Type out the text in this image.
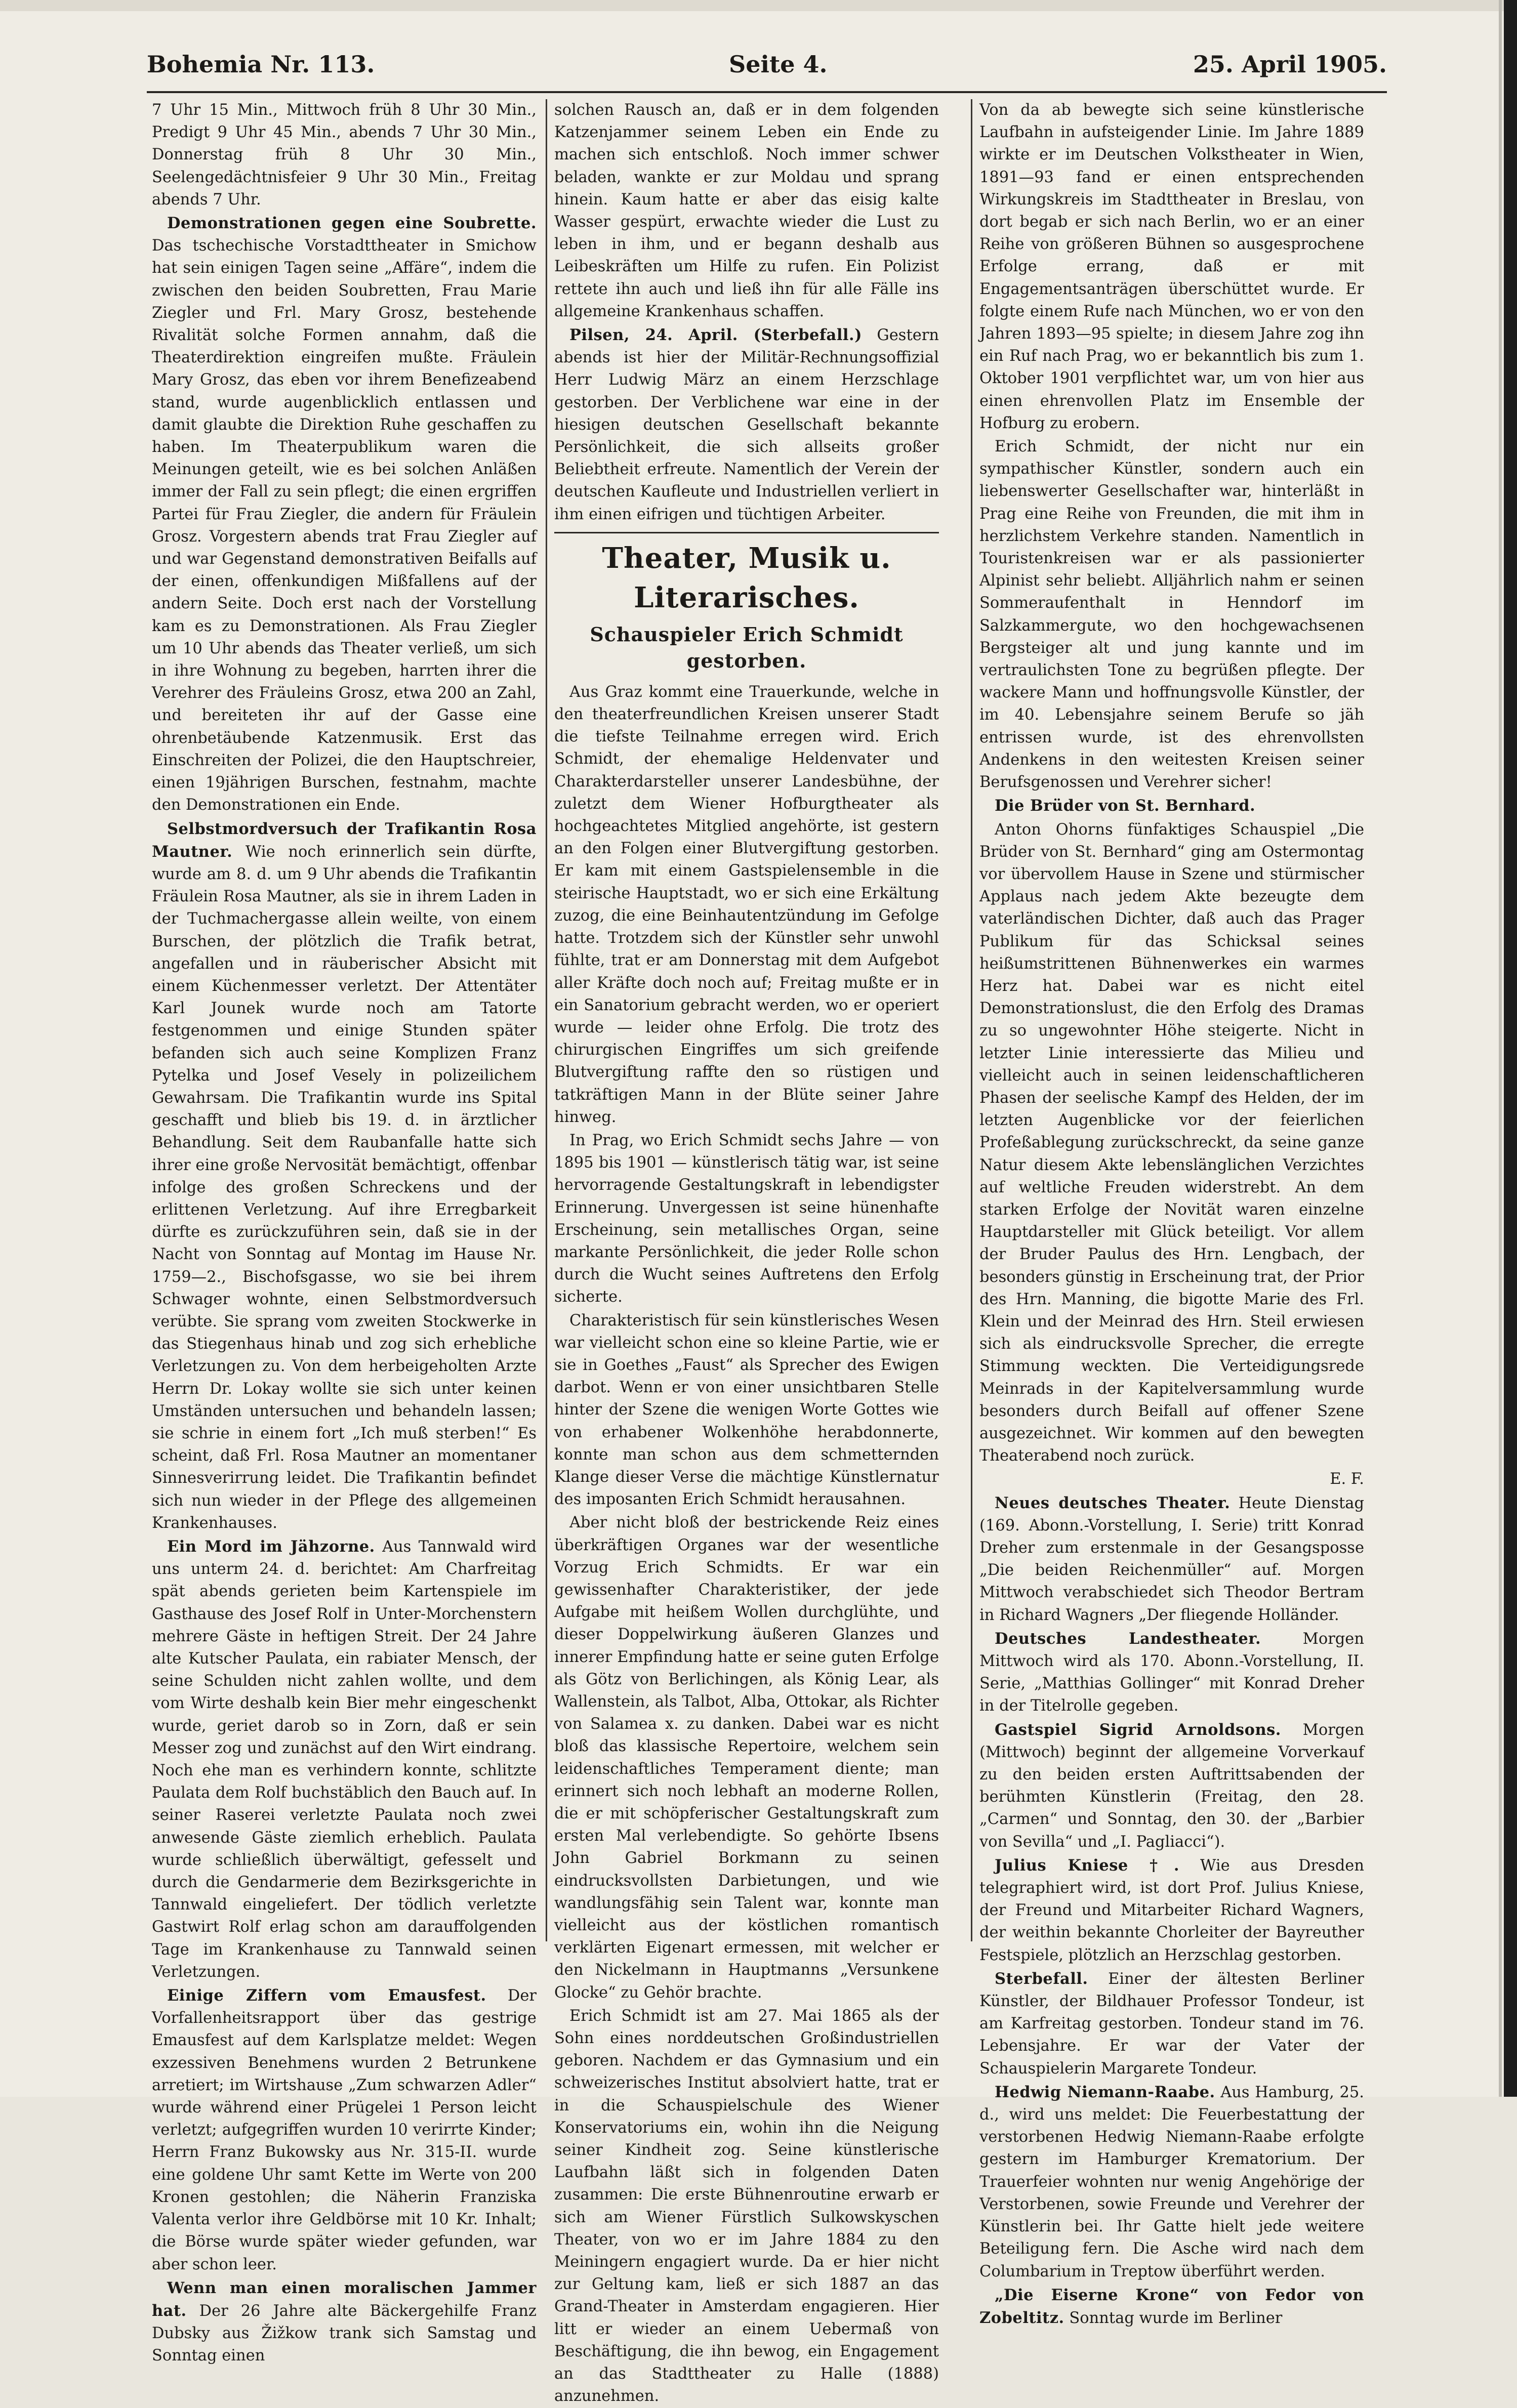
Bohemia Nr. 113.	Seite 4.	25. April 1905.

7 Uhr 15 Min., Mittwoch früh 8 Uhr 30 Min., Predigt 9 Uhr 45 Min., abends 7 Uhr 30 Min., Donnerstag früh 8 Uhr 30 Min., Seelengedächtnisfeier 9 Uhr 30 Min., Freitag abends 7 Uhr.

Demonstrationen gegen eine Soubrette. Das tschechische Vorstadttheater in Smichow hat sein einigen Tagen seine „Affäre“, indem die zwischen den beiden Soubretten, Frau Marie Ziegler und Frl. Mary Grosz, bestehende Rivalität solche Formen annahm, daß die Theaterdirektion eingreifen mußte. Fräulein Mary Grosz, das eben vor ihrem Benefizeabend stand, wurde augenblicklich entlassen und damit glaubte die Direktion Ruhe geschaffen zu haben. Im Theaterpublikum waren die Meinungen geteilt, wie es bei solchen Anläßen immer der Fall zu sein pflegt; die einen ergriffen Partei für Frau Ziegler, die andern für Fräulein Grosz. Vorgestern abends trat Frau Ziegler auf und war Gegenstand demonstrativen Beifalls auf der einen, offenkundigen Mißfallens auf der andern Seite. Doch erst nach der Vorstellung kam es zu Demonstrationen. Als Frau Ziegler um 10 Uhr abends das Theater verließ, um sich in ihre Wohnung zu begeben, harrten ihrer die Verehrer des Fräuleins Grosz, etwa 200 an Zahl, und bereiteten ihr auf der Gasse eine ohrenbetäubende Katzenmusik. Erst das Einschreiten der Polizei, die den Hauptschreier, einen 19jährigen Burschen, festnahm, machte den Demonstrationen ein Ende.

Selbstmordversuch der Trafikantin Rosa Mautner. Wie noch erinnerlich sein dürfte, wurde am 8. d. um 9 Uhr abends die Trafikantin Fräulein Rosa Mautner, als sie in ihrem Laden in der Tuchmachergasse allein weilte, von einem Burschen, der plötzlich die Trafik betrat, angefallen und in räuberischer Absicht mit einem Küchenmesser verletzt. Der Attentäter Karl Jounek wurde noch am Tatorte festgenommen und einige Stunden später befanden sich auch seine Komplizen Franz Pytelka und Josef Vesely in polizeilichem Gewahrsam. Die Trafikantin wurde ins Spital geschafft und blieb bis 19. d. in ärztlicher Behandlung. Seit dem Raubanfalle hatte sich ihrer eine große Nervosität bemächtigt, offenbar infolge des großen Schreckens und der erlittenen Verletzung. Auf ihre Erregbarkeit dürfte es zurückzuführen sein, daß sie in der Nacht von Sonntag auf Montag im Hause Nr. 1759—2., Bischofsgasse, wo sie bei ihrem Schwager wohnte, einen Selbstmordversuch verübte. Sie sprang vom zweiten Stockwerke in das Stiegenhaus hinab und zog sich erhebliche Verletzungen zu. Von dem herbeigeholten Arzte Herrn Dr. Lokay wollte sie sich unter keinen Umständen untersuchen und behandeln lassen; sie schrie in einem fort „Ich muß sterben!“ Es scheint, daß Frl. Rosa Mautner an momentaner Sinnesverirrung leidet. Die Trafikantin befindet sich nun wieder in der Pflege des allgemeinen Krankenhauses.

Ein Mord im Jähzorne. Aus Tannwald wird uns unterm 24. d. berichtet: Am Charfreitag spät abends gerieten beim Kartenspiele im Gasthause des Josef Rolf in Unter-Morchenstern mehrere Gäste in heftigen Streit. Der 24 Jahre alte Kutscher Paulata, ein rabiater Mensch, der seine Schulden nicht zahlen wollte, und dem vom Wirte deshalb kein Bier mehr eingeschenkt wurde, geriet darob so in Zorn, daß er sein Messer zog und zunächst auf den Wirt eindrang. Noch ehe man es verhindern konnte, schlitzte Paulata dem Rolf buchstäblich den Bauch auf. In seiner Raserei verletzte Paulata noch zwei anwesende Gäste ziemlich erheblich. Paulata wurde schließlich überwältigt, gefesselt und durch die Gendarmerie dem Bezirksgerichte in Tannwald eingeliefert. Der tödlich verletzte Gastwirt Rolf erlag schon am darauffolgenden Tage im Krankenhause zu Tannwald seinen Verletzungen.

Einige Ziffern vom Emausfest. Der Vorfallenheitsrapport über das gestrige Emausfest auf dem Karlsplatze meldet: Wegen exzessiven Benehmens wurden 2 Betrunkene arretiert; im Wirtshause „Zum schwarzen Adler“ wurde während einer Prügelei 1 Person leicht verletzt; aufgegriffen wurden 10 verirrte Kinder; Herrn Franz Bukowsky aus Nr. 315-II. wurde eine goldene Uhr samt Kette im Werte von 200 Kronen gestohlen; die Näherin Franziska Valenta verlor ihre Geldbörse mit 10 Kr. Inhalt; die Börse wurde später wieder gefunden, war aber schon leer.

Wenn man einen moralischen Jammer hat. Der 26 Jahre alte Bäckergehilfe Franz Dubsky aus Žižkow trank sich Samstag und Sonntag einen

solchen Rausch an, daß er in dem folgenden Katzenjammer seinem Leben ein Ende zu machen sich entschloß. Noch immer schwer beladen, wankte er zur Moldau und sprang hinein. Kaum hatte er aber das eisig kalte Wasser gespürt, erwachte wieder die Lust zu leben in ihm, und er begann deshalb aus Leibeskräften um Hilfe zu rufen. Ein Polizist rettete ihn auch und ließ ihn für alle Fälle ins allgemeine Krankenhaus schaffen.

Pilsen, 24. April. (Sterbefall.) Gestern abends ist hier der Militär-Rechnungsoffizial Herr Ludwig März an einem Herzschlage gestorben. Der Verblichene war eine in der hiesigen deutschen Gesellschaft bekannte Persönlichkeit, die sich allseits großer Beliebtheit erfreute. Namentlich der Verein der deutschen Kaufleute und Industriellen verliert in ihm einen eifrigen und tüchtigen Arbeiter.

Theater, Musik u. Literarisches.
Schauspieler Erich Schmidt
gestorben.

Aus Graz kommt eine Trauerkunde, welche in den theaterfreundlichen Kreisen unserer Stadt die tiefste Teilnahme erregen wird. Erich Schmidt, der ehemalige Heldenvater und Charakterdarsteller unserer Landesbühne, der zuletzt dem Wiener Hofburgtheater als hochgeachtetes Mitglied angehörte, ist gestern an den Folgen einer Blutvergiftung gestorben. Er kam mit einem Gastspielensemble in die steirische Hauptstadt, wo er sich eine Erkältung zuzog, die eine Beinhautentzündung im Gefolge hatte. Trotzdem sich der Künstler sehr unwohl fühlte, trat er am Donnerstag mit dem Aufgebot aller Kräfte doch noch auf; Freitag mußte er in ein Sanatorium gebracht werden, wo er operiert wurde — leider ohne Erfolg. Die trotz des chirurgischen Eingriffes um sich greifende Blutvergiftung raffte den so rüstigen und tatkräftigen Mann in der Blüte seiner Jahre hinweg.

In Prag, wo Erich Schmidt sechs Jahre — von 1895 bis 1901 — künstlerisch tätig war, ist seine hervorragende Gestaltungskraft in lebendigster Erinnerung. Unvergessen ist seine hünenhafte Erscheinung, sein metallisches Organ, seine markante Persönlichkeit, die jeder Rolle schon durch die Wucht seines Auftretens den Erfolg sicherte.

Charakteristisch für sein künstlerisches Wesen war vielleicht schon eine so kleine Partie, wie er sie in Goethes „Faust“ als Sprecher des Ewigen darbot. Wenn er von einer unsichtbaren Stelle hinter der Szene die wenigen Worte Gottes wie von erhabener Wolkenhöhe herabdonnerte, konnte man schon aus dem schmetternden Klange dieser Verse die mächtige Künstlernatur des imposanten Erich Schmidt herausahnen.

Aber nicht bloß der bestrickende Reiz eines überkräftigen Organes war der wesentliche Vorzug Erich Schmidts. Er war ein gewissenhafter Charakteristiker, der jede Aufgabe mit heißem Wollen durchglühte, und dieser Doppelwirkung äußeren Glanzes und innerer Empfindung hatte er seine guten Erfolge als Götz von Berlichingen, als König Lear, als Wallenstein, als Talbot, Alba, Ottokar, als Richter von Salamea x. zu danken. Dabei war es nicht bloß das klassische Repertoire, welchem sein leidenschaftliches Temperament diente; man erinnert sich noch lebhaft an moderne Rollen, die er mit schöpferischer Gestaltungskraft zum ersten Mal verlebendigte. So gehörte Ibsens John Gabriel Borkmann zu seinen eindrucksvollsten Darbietungen, und wie wandlungsfähig sein Talent war, konnte man vielleicht aus der köstlichen romantisch verklärten Eigenart ermessen, mit welcher er den Nickelmann in Hauptmanns „Versunkene Glocke“ zu Gehör brachte.

Erich Schmidt ist am 27. Mai 1865 als der Sohn eines norddeutschen Großindustriellen geboren. Nachdem er das Gymnasium und ein schweizerisches Institut absolviert hatte, trat er in die Schauspielschule des Wiener Konservatoriums ein, wohin ihn die Neigung seiner Kindheit zog. Seine künstlerische Laufbahn läßt sich in folgenden Daten zusammen: Die erste Bühnenroutine erwarb er sich am Wiener Fürstlich Sulkowskyschen Theater, von wo er im Jahre 1884 zu den Meiningern engagiert wurde. Da er hier nicht zur Geltung kam, ließ er sich 1887 an das Grand-Theater in Amsterdam engagieren. Hier litt er wieder an einem Uebermaß von Beschäftigung, die ihn bewog, ein Engagement an das Stadttheater zu Halle (1888) anzunehmen.

Von da ab bewegte sich seine künstlerische Laufbahn in aufsteigender Linie. Im Jahre 1889 wirkte er im Deutschen Volkstheater in Wien, 1891—93 fand er einen entsprechenden Wirkungskreis im Stadttheater in Breslau, von dort begab er sich nach Berlin, wo er an einer Reihe von größeren Bühnen so ausgesprochene Erfolge errang, daß er mit Engagementsanträgen überschüttet wurde. Er folgte einem Rufe nach München, wo er von den Jahren 1893—95 spielte; in diesem Jahre zog ihn ein Ruf nach Prag, wo er bekanntlich bis zum 1. Oktober 1901 verpflichtet war, um von hier aus einen ehrenvollen Platz im Ensemble der Hofburg zu erobern.

Erich Schmidt, der nicht nur ein sympathischer Künstler, sondern auch ein liebenswerter Gesellschafter war, hinterläßt in Prag eine Reihe von Freunden, die mit ihm in herzlichstem Verkehre standen. Namentlich in Touristenkreisen war er als passionierter Alpinist sehr beliebt. Alljährlich nahm er seinen Sommeraufenthalt in Henndorf im Salzkammergute, wo den hochgewachsenen Bergsteiger alt und jung kannte und im vertraulichsten Tone zu begrüßen pflegte. Der wackere Mann und hoffnungsvolle Künstler, der im 40. Lebensjahre seinem Berufe so jäh entrissen wurde, ist des ehrenvollsten Andenkens in den weitesten Kreisen seiner Berufsgenossen und Verehrer sicher!

Die Brüder von St. Bernhard.

Anton Ohorns fünfaktiges Schauspiel „Die Brüder von St. Bernhard“ ging am Ostermontag vor übervollem Hause in Szene und stürmischer Applaus nach jedem Akte bezeugte dem vaterländischen Dichter, daß auch das Prager Publikum für das Schicksal seines heißumstrittenen Bühnenwerkes ein warmes Herz hat. Dabei war es nicht eitel Demonstrationslust, die den Erfolg des Dramas zu so ungewohnter Höhe steigerte. Nicht in letzter Linie interessierte das Milieu und vielleicht auch in seinen leidenschaftlicheren Phasen der seelische Kampf des Helden, der im letzten Augenblicke vor der feierlichen Profeßablegung zurückschreckt, da seine ganze Natur diesem Akte lebenslänglichen Verzichtes auf weltliche Freuden widerstrebt. An dem starken Erfolge der Novität waren einzelne Hauptdarsteller mit Glück beteiligt. Vor allem der Bruder Paulus des Hrn. Lengbach, der besonders günstig in Erscheinung trat, der Prior des Hrn. Manning, die bigotte Marie des Frl. Klein und der Meinrad des Hrn. Steil erwiesen sich als eindrucksvolle Sprecher, die erregte Stimmung weckten. Die Verteidigungsrede Meinrads in der Kapitelversammlung wurde besonders durch Beifall auf offener Szene ausgezeichnet. Wir kommen auf den bewegten Theaterabend noch zurück.

E. F.

Neues deutsches Theater. Heute Dienstag (169. Abonn.-Vorstellung, I. Serie) tritt Konrad Dreher zum erstenmale in der Gesangsposse „Die beiden Reichenmüller“ auf. Morgen Mittwoch verabschiedet sich Theodor Bertram in Richard Wagners „Der fliegende Holländer.

Deutsches Landestheater.	Morgen Mittwoch wird als 170. Abonn.-Vorstellung, II. Serie, „Matthias Gollinger“ mit Konrad Dreher in der Titelrolle gegeben.

Gastspiel Sigrid Arnoldsons. Morgen (Mittwoch) beginnt der allgemeine Vorverkauf zu den beiden ersten Auftrittsabenden der berühmten Künstlerin (Freitag, den 28. „Carmen“ und Sonntag, den 30. der „Barbier von Sevilla“ und „I. Pagliacci“).

Julius Kniese †. Wie aus Dresden telegraphiert wird, ist dort Prof. Julius Kniese, der Freund und Mitarbeiter Richard Wagners, der weithin bekannte Chorleiter der Bayreuther Festspiele, plötzlich an Herzschlag gestorben.

Sterbefall. Einer der ältesten Berliner Künstler, der Bildhauer Professor Tondeur, ist am Karfreitag gestorben. Tondeur stand im 76. Lebensjahre. Er war der Vater der Schauspielerin Margarete Tondeur.

Hedwig Niemann-Raabe. Aus Hamburg, 25. d., wird uns meldet: Die Feuerbestattung der verstorbenen Hedwig Niemann-Raabe erfolgte gestern im Hamburger Krematorium. Der Trauerfeier wohnten nur wenig Angehörige der Verstorbenen, sowie Freunde und Verehrer der Künstlerin bei. Ihr Gatte hielt jede weitere Beteiligung fern. Die Asche wird nach dem Columbarium in Treptow überführt werden.

„Die Eiserne Krone“ von Fedor von Zobeltitz. Sonntag wurde im Berliner
